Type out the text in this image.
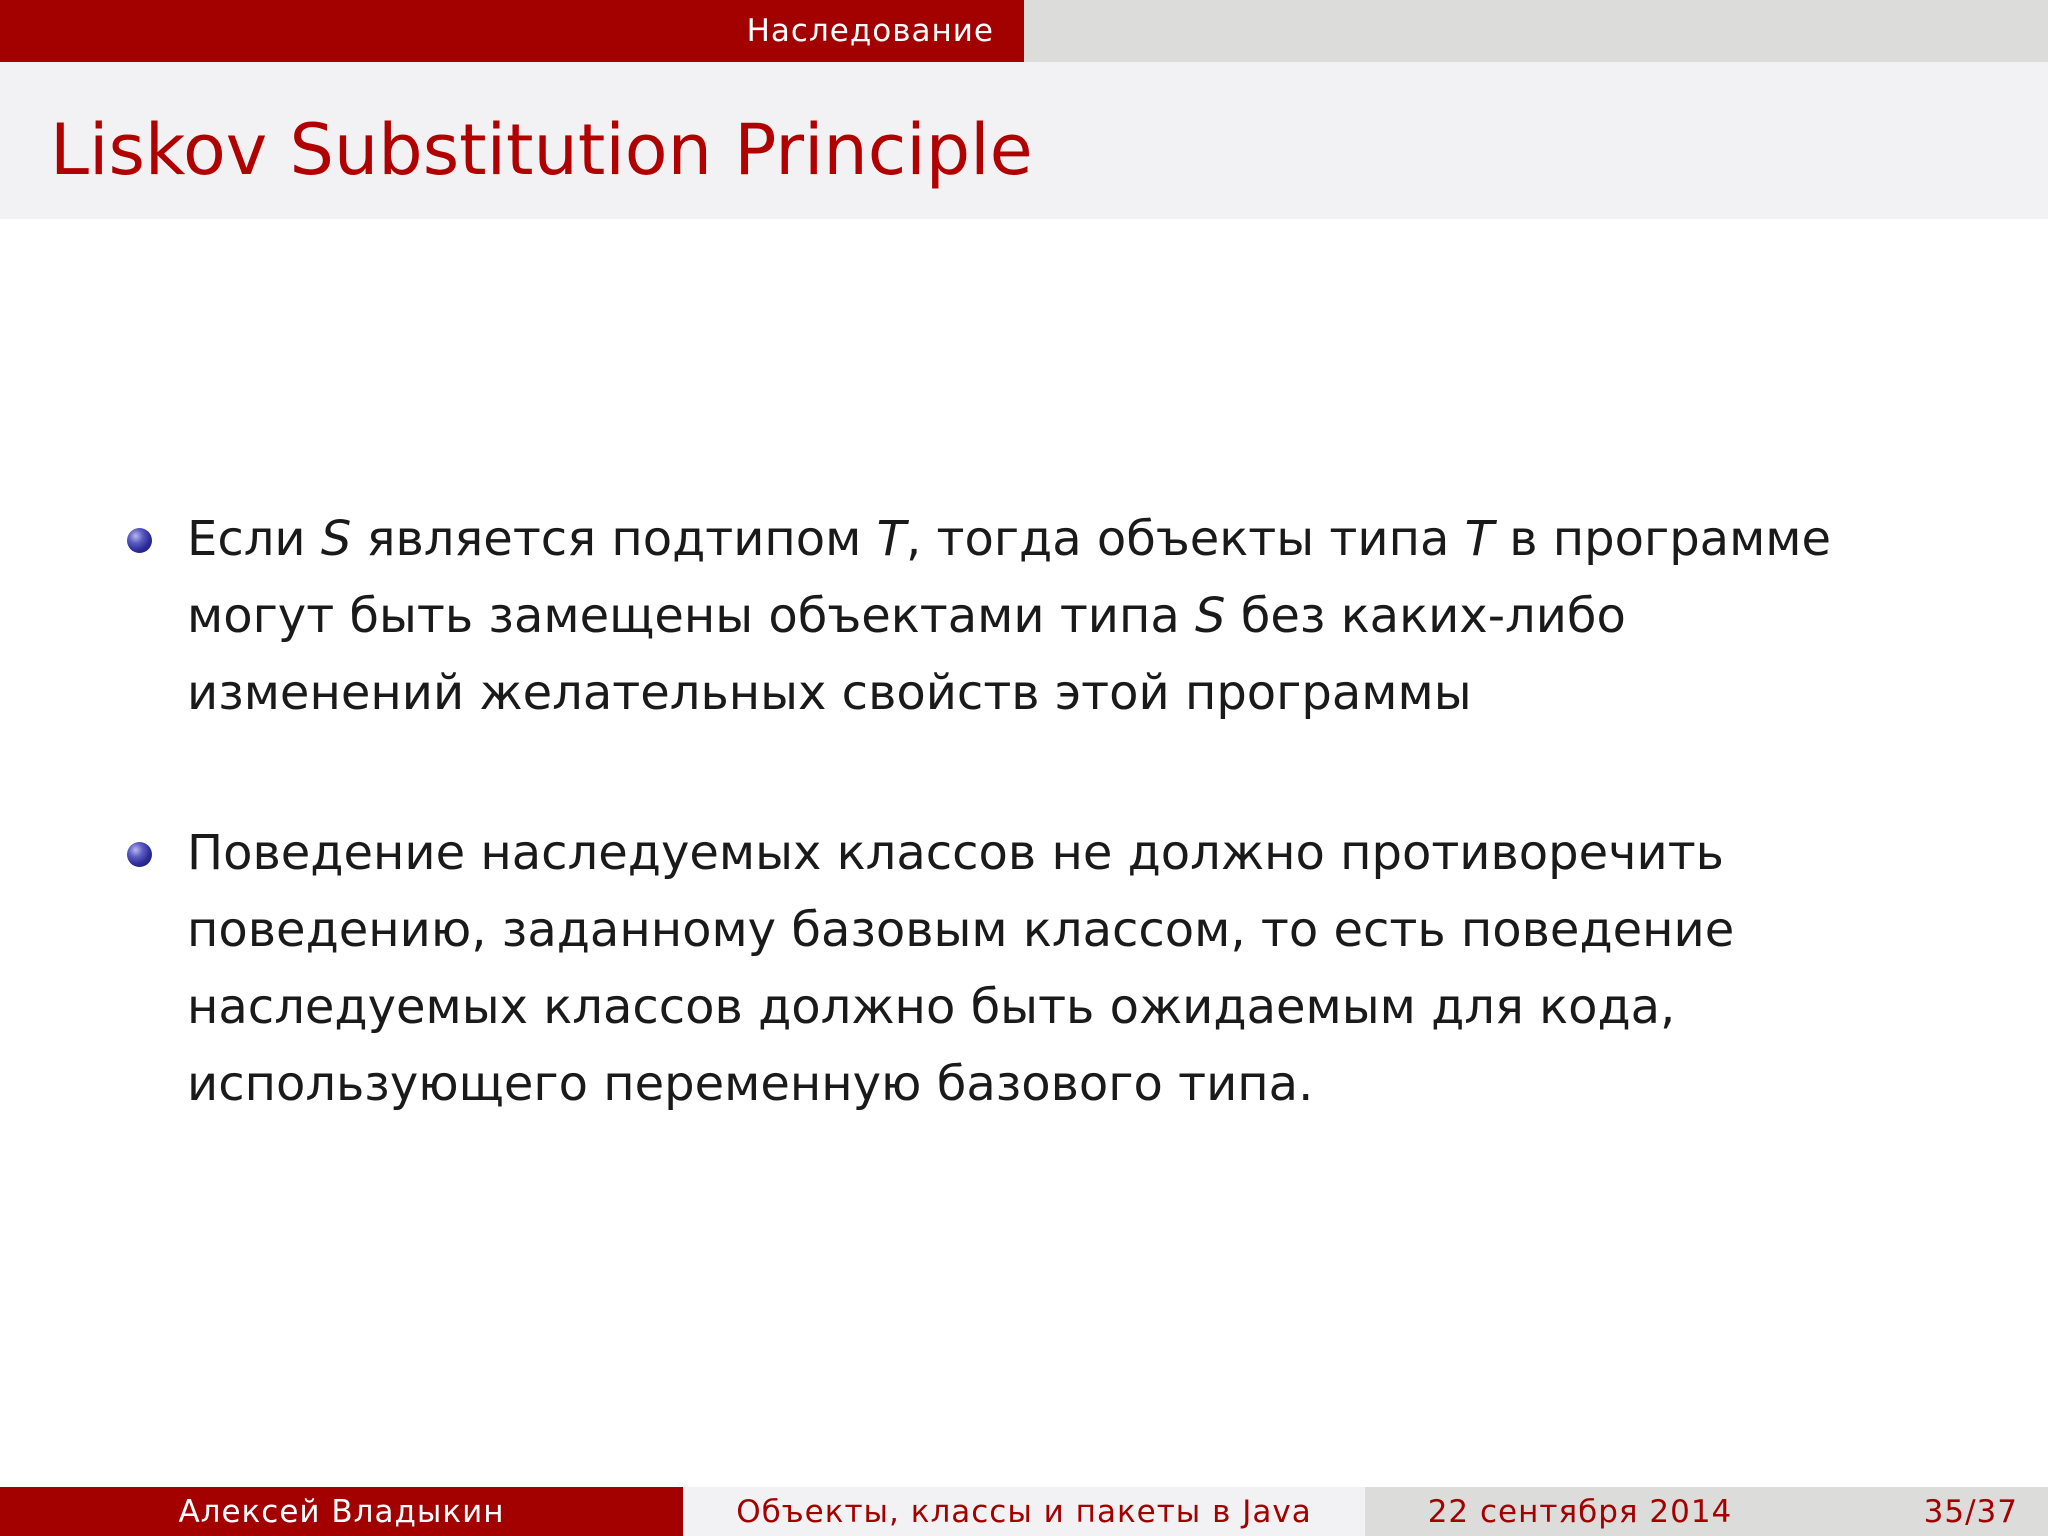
Наследование
Liskov Substitution Principle
Если S является подтипом T, тогда объекты типа T в программе
могут быть замещены объектами типа S без каких-либо
изменений желательных свойств этой программы
Поведение наследуемых классов не должно противоречить
поведению, заданному базовым классом, то есть поведение
наследуемых классов должно быть ожидаемым для кода,
использующего переменную базового типа.
Алексей Владыкин	Объекты, классы и пакеты в Java	22 сентября 2014	35 / 37
